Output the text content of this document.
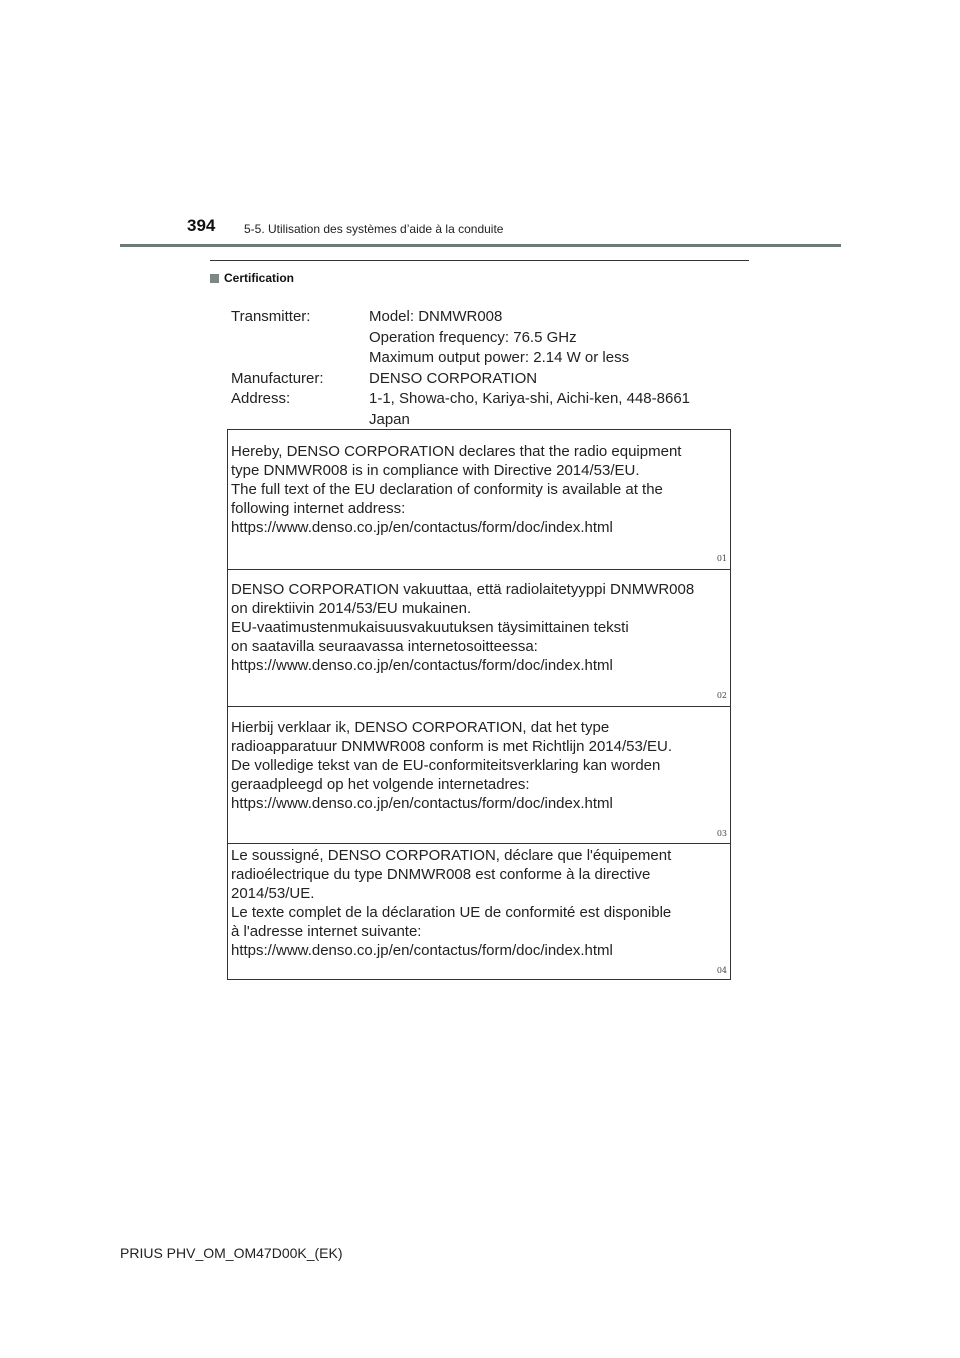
394 5-5. Utilisation des systèmes d’aide à la conduite
Certification
Transmitter:	Model: DNMWR008
Operation frequency: 76.5 GHz
Maximum output power: 2.14 W or less
Manufacturer:	DENSO CORPORATION
Address:	1-1, Showa-cho, Kariya-shi, Aichi-ken, 448-8661
Japan
Hereby, DENSO CORPORATION declares that the radio equipment
type DNMWR008 is in compliance with Directive 2014/53/EU.
The full text of the EU declaration of conformity is available at the
following internet address:
https://www.denso.co.jp/en/contactus/form/doc/index.html
01
DENSO CORPORATION vakuuttaa, että radiolaitetyyppi DNMWR008
on direktiivin 2014/53/EU mukainen.
EU-vaatimustenmukaisuusvakuutuksen täysimittainen teksti
on saatavilla seuraavassa internetosoitteessa:
https://www.denso.co.jp/en/contactus/form/doc/index.html
02
Hierbij verklaar ik, DENSO CORPORATION, dat het type
radioapparatuur DNMWR008 conform is met Richtlijn 2014/53/EU.
De volledige tekst van de EU-conformiteitsverklaring kan worden
geraadpleegd op het volgende internetadres:
https://www.denso.co.jp/en/contactus/form/doc/index.html
03
Le soussigné, DENSO CORPORATION, déclare que l'équipement
radioélectrique du type DNMWR008 est conforme à la directive
2014/53/UE.
Le texte complet de la déclaration UE de conformité est disponible
à l'adresse internet suivante:
https://www.denso.co.jp/en/contactus/form/doc/index.html
04
PRIUS PHV_OM_OM47D00K_(EK)
